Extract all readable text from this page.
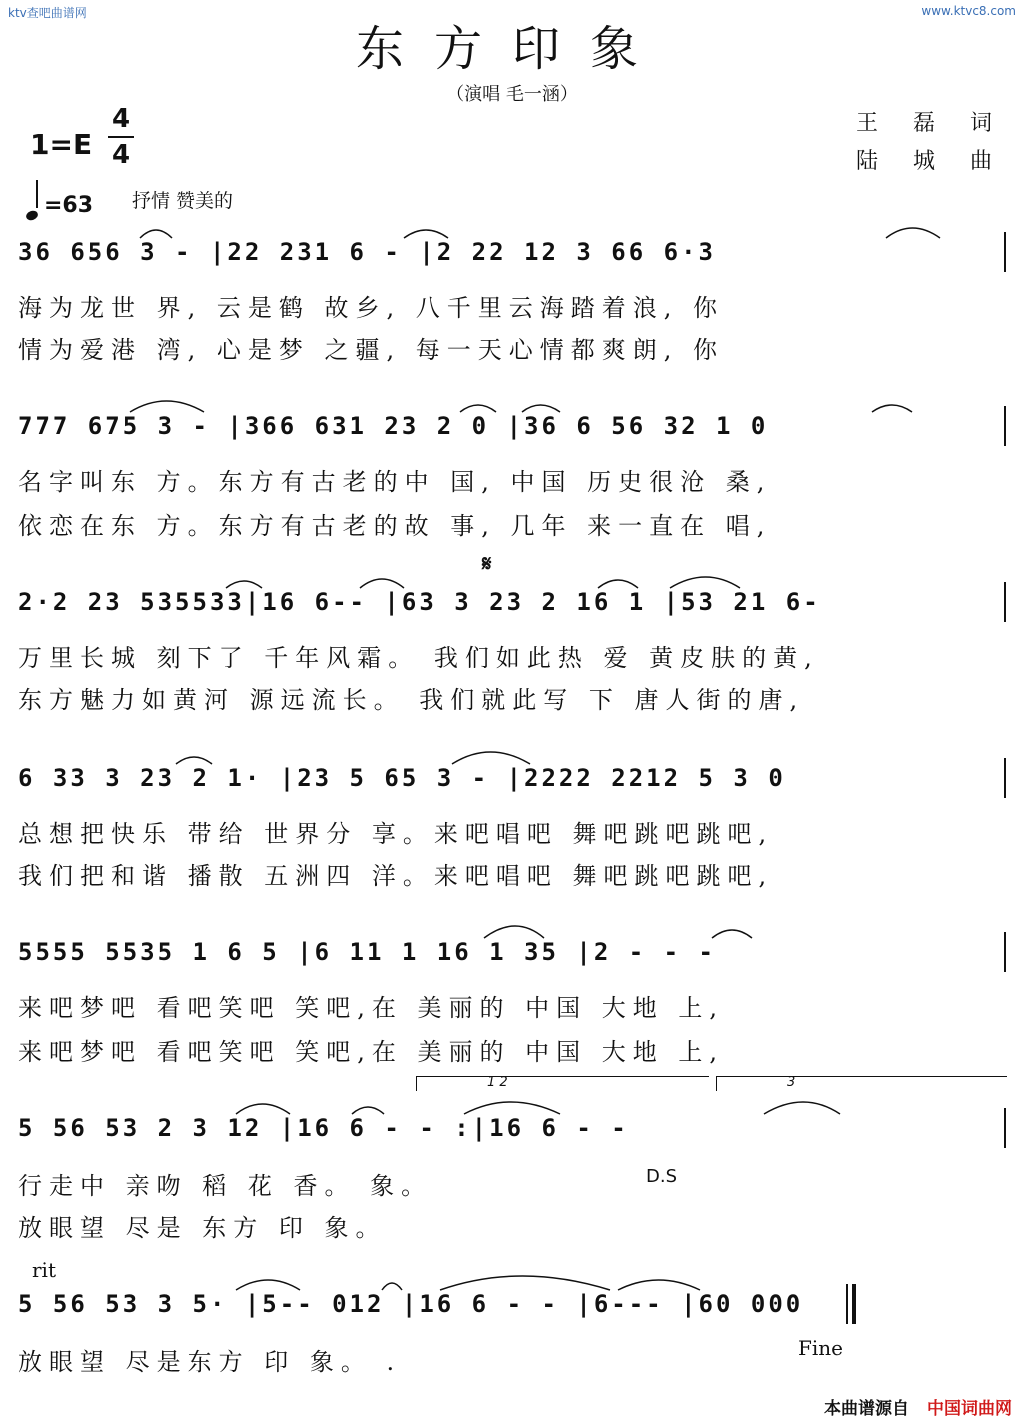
ktv查吧曲谱网	www.ktvc8.com
东方印象
（演唱 毛一涵）
王 磊 词
陆 城 曲
1=E
4
4
=63 抒情 赞美的
36 656 3 - |22 231 6 - |2 22 12 3 66 6·3
海为龙世 界, 云是鹤 故乡, 八千里云海踏着浪, 你
情为爱港 湾, 心是梦 之疆, 每一天心情都爽朗, 你
777 675 3 - |366 631 23 2 0 |36 6 56 32 1 0
名字叫东 方。东方有古老的中 国, 中国 历史很沧 桑,
依恋在东 方。东方有古老的故 事, 几年 来一直在 唱,
𝄋
2·2 23 535533|16 6-- |63 3 23 2 16 1 |53 21 6-
万里长城 刻下了 千年风霜。 我们如此热 爱 黄皮肤的黄,
东方魅力如黄河 源远流长。 我们就此写 下 唐人街的唐,
6 33 3 23 2 1· |23 5 65 3 - |2222 2212 5 3 0
总想把快乐 带给 世界分 享。来吧唱吧 舞吧跳吧跳吧,
我们把和谐 播散 五洲四 洋。来吧唱吧 舞吧跳吧跳吧,
5555 5535 1 6 5 |6 11 1 16 1 35 |2 - - -
来吧梦吧 看吧笑吧 笑吧,在 美丽的 中国 大地 上,
来吧梦吧 看吧笑吧 笑吧,在 美丽的 中国 大地 上,
1 2	3
5 56 53 2 3 12 |16 6 - - :|16 6 - -
D.S
行走中 亲吻 稻 花 香。 象。
放眼望 尽是 东方 印 象。
rit
5 56 53 3 5· |5-- 012 |16 6 - - |6--- |60 000
放眼望 尽是东方 印 象。 .	Fine
本曲谱源自 中国词曲网
